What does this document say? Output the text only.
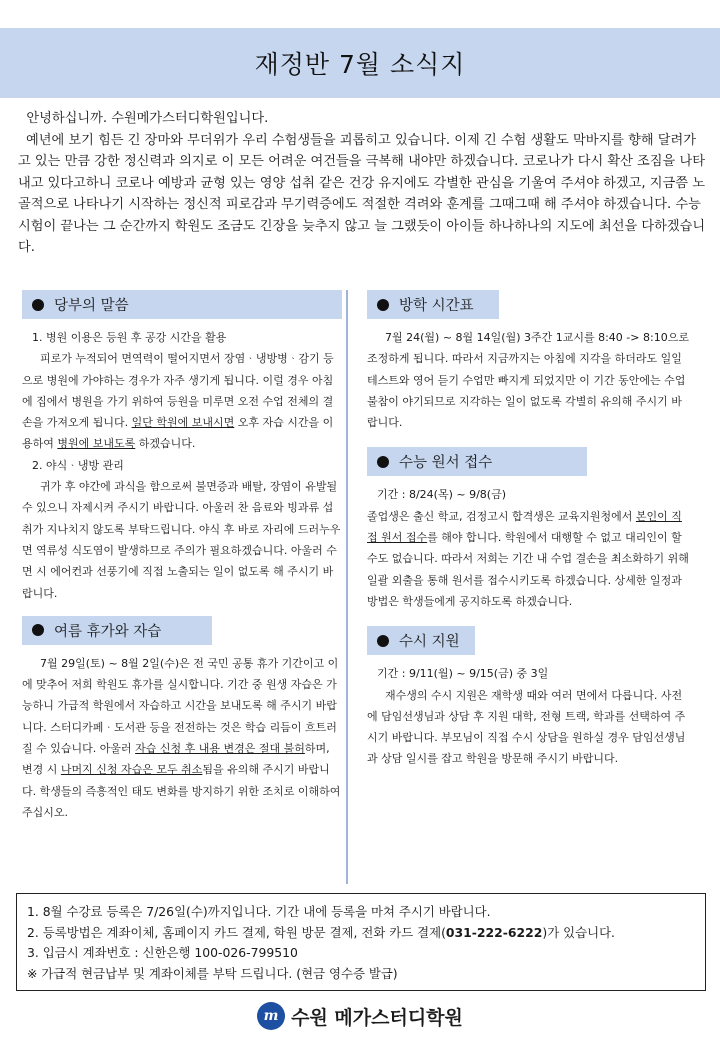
재정반 7월 소식지

안녕하십니까. 수원메가스터디학원입니다.

예년에 보기 힘든 긴 장마와 무더위가 우리 수험생들을 괴롭히고 있습니다. 이제 긴 수험 생활도 막바지를 향해 달려가고 있는 만큼 강한 정신력과 의지로 이 모든 어려운 여건들을 극복해 내야만 하겠습니다. 코로나가 다시 확산 조짐을 나타내고 있다고하니 코로나 예방과 균형 있는 영양 섭취 같은 건강 유지에도 각별한 관심을 기울여 주셔야 하겠고, 지금쯤 노골적으로 나타나기 시작하는 정신적 피로감과 무기력증에도 적절한 격려와 훈계를 그때그때 해 주셔야 하겠습니다. 수능 시험이 끝나는 그 순간까지 학원도 조금도 긴장을 늦추지 않고 늘 그랬듯이 아이들 하나하나의 지도에 최선을 다하겠습니다.

당부의 말씀

1. 병원 이용은 등원 후 공강 시간을 활용

피로가 누적되어 면역력이 떨어지면서 장염ᆞ냉방병ᆞ감기 등으로 병원에 가야하는 경우가 자주 생기게 됩니다. 이럴 경우 아침에 집에서 병원을 가기 위하여 등원을 미루면 오전 수업 전체의 결손을 가져오게 됩니다. 일단 학원에 보내시면 오후 자습 시간을 이용하여 병원에 보내도록 하겠습니다.

2. 야식ᆞ냉방 관리

귀가 후 야간에 과식을 함으로써 불면증과 배탈, 장염이 유발될 수 있으니 자제시켜 주시기 바랍니다. 아울러 찬 음료와 빙과류 섭취가 지나치지 않도록 부탁드립니다. 야식 후 바로 자리에 드러누우면 역류성 식도염이 발생하므로 주의가 필요하겠습니다. 아울러 수면 시 에어컨과 선풍기에 직접 노출되는 일이 없도록 해 주시기 바랍니다.

여름 휴가와 자습

7월 29일(토) ~ 8월 2일(수)은 전 국민 공통 휴가 기간이고 이에 맞추어 저희 학원도 휴가를 실시합니다. 기간 중 원생 자습은 가능하니 가급적 학원에서 자습하고 시간을 보내도록 해 주시기 바랍니다. 스터디카페ᆞ도서관 등을 전전하는 것은 학습 리듬이 흐트러질 수 있습니다. 아울러 자습 신청 후 내용 변경은 절대 불허하며, 변경 시 나머지 신청 자습은 모두 취소됨을 유의해 주시기 바랍니다. 학생들의 즉흥적인 태도 변화를 방지하기 위한 조치로 이해하여 주십시오.

방학 시간표

7월 24(월) ~ 8월 14일(월) 3주간 1교시를 8:40 -> 8:10으로 조정하게 됩니다. 따라서 지금까지는 아침에 지각을 하더라도 일일테스트와 영어 듣기 수업만 빠지게 되었지만 이 기간 동안에는 수업 불참이 야기되므로 지각하는 일이 없도록 각별히 유의해 주시기 바랍니다.

수능 원서 접수

기간 : 8/24(목) ~ 9/8(금)

졸업생은 출신 학교, 검정고시 합격생은 교육지원청에서 본인이 직접 원서 접수를 해야 합니다. 학원에서 대행할 수 없고 대리인이 할 수도 없습니다. 따라서 저희는 기간 내 수업 결손을 최소화하기 위해 일괄 외출을 통해 원서를 접수시키도록 하겠습니다. 상세한 일정과 방법은 학생들에게 공지하도록 하겠습니다.

수시 지원

기간 : 9/11(월) ~ 9/15(금) 중 3일

재수생의 수시 지원은 재학생 때와 여러 면에서 다릅니다. 사전에 담임선생님과 상담 후 지원 대학, 전형 트랙, 학과를 선택하여 주시기 바랍니다. 부모님이 직접 수시 상담을 원하실 경우 담임선생님과 상담 일시를 잡고 학원을 방문해 주시기 바랍니다.

1. 8월 수강료 등록은 7/26일(수)까지입니다. 기간 내에 등록을 마쳐 주시기 바랍니다.

2. 등록방법은 계좌이체, 홈페이지 카드 결제, 학원 방문 결제, 전화 카드 결제(031-222-6222)가 있습니다.

3. 입금시 계좌번호 : 신한은행 100-026-799510

※ 가급적 현금납부 및 계좌이체를 부탁 드립니다. (현금 영수증 발급)

m 수원 메가스터디학원
